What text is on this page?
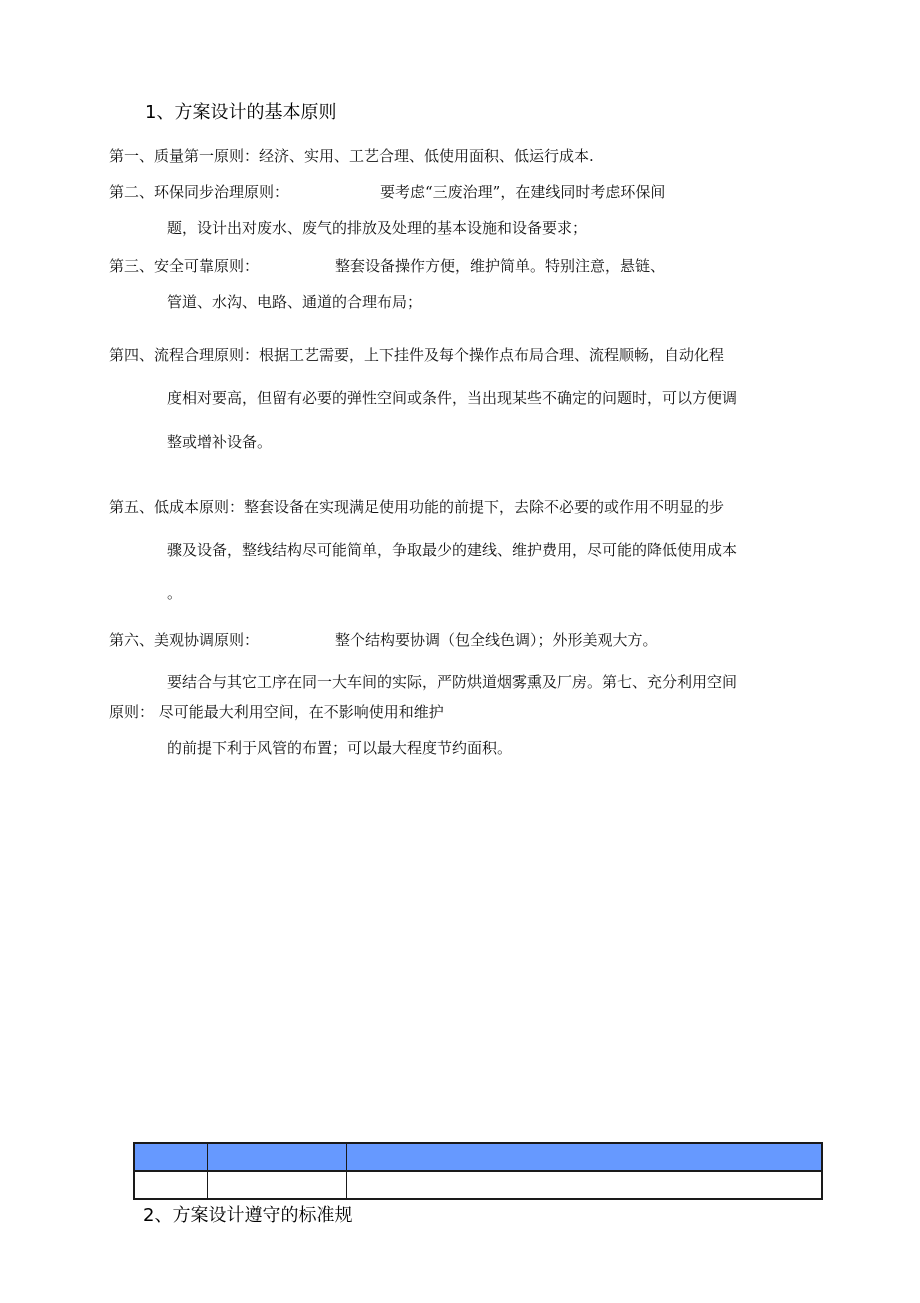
1、方案设计的基本原则
第一、质量第一原则：经济、实用、工艺合理、低使用面积、低运行成本.
第二、环保同步治理原则：	要考虑“三废治理”，在建线同时考虑环保间
题，设计出对废水、废气的排放及处理的基本设施和设备要求；
第三、安全可靠原则：	整套设备操作方便，维护简单。特别注意，悬链、
管道、水沟、电路、通道的合理布局；
第四、流程合理原则：根据工艺需要，上下挂件及每个操作点布局合理、流程顺畅，自动化程
度相对要高，但留有必要的弹性空间或条件，当出现某些不确定的问题时，可以方便调
整或增补设备。
第五、低成本原则：整套设备在实现满足使用功能的前提下，去除不必要的或作用不明显的步
骤及设备，整线结构尽可能简单，争取最少的建线、维护费用，尽可能的降低使用成本
。
第六、美观协调原则：	整个结构要协调（包全线色调）；外形美观大方。
要结合与其它工序在同一大车间的实际，严防烘道烟雾熏及厂房。第七、充分利用空间
原则： 尽可能最大利用空间，在不影响使用和维护
的前提下利于风管的布置；可以最大程度节约面积。
2、方案设计遵守的标准规
